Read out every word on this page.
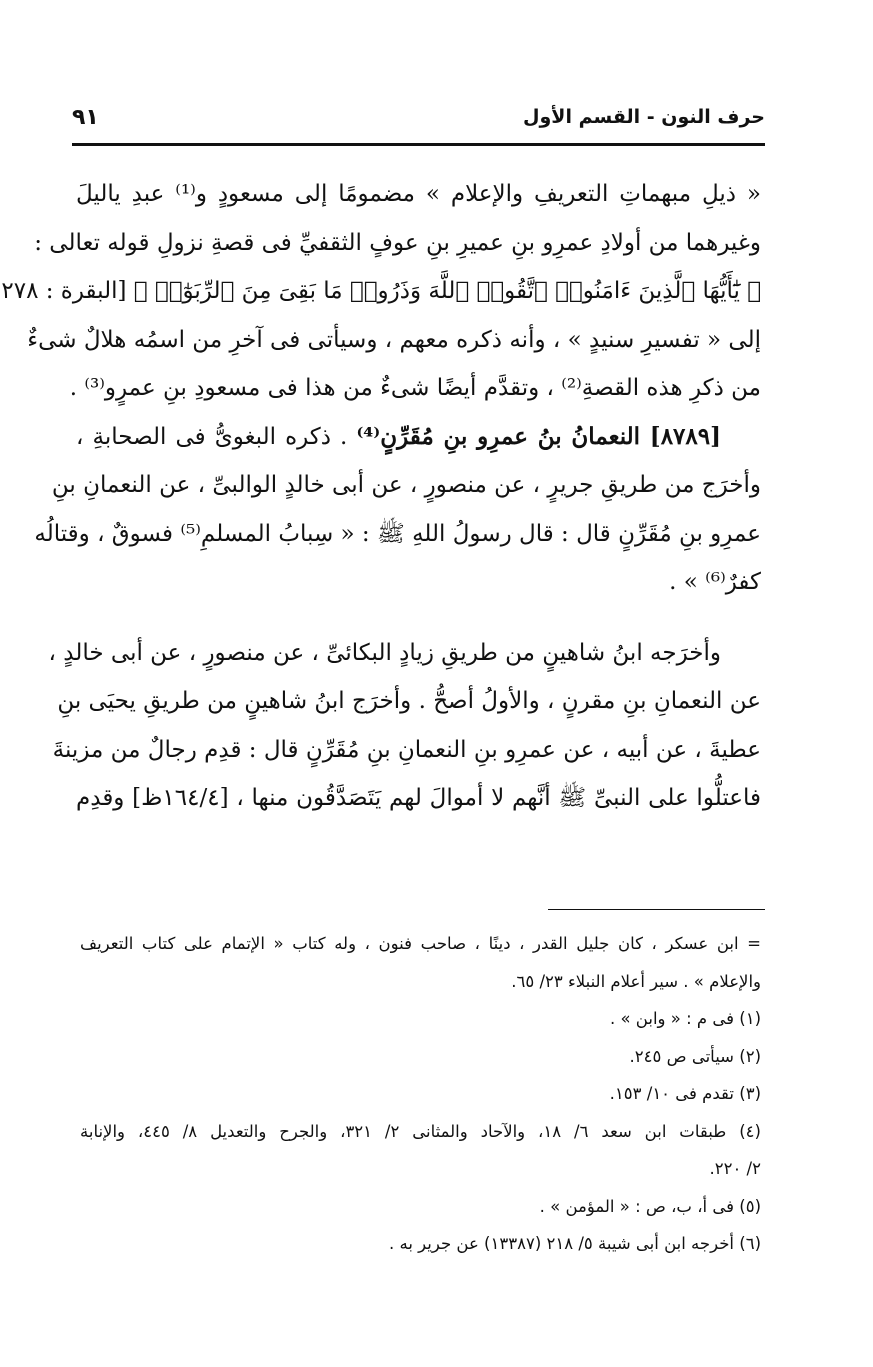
حرف النون - القسم الأول
٩١
« ذيلِ مبهماتِ التعريفِ والإعلام » مضمومًا إلى مسعودٍ و⁽¹⁾ عبدِ ياليلَ
وغيرهما من أولادِ عمرِو بنِ عميرِ بنِ عوفٍ الثقفيِّ فى قصةِ نزولِ قوله تعالى :
﴿ يَٰٓأَيُّهَا ٱلَّذِينَ ءَامَنُوا۟ ٱتَّقُوا۟ ٱللَّهَ وَذَرُوا۟ مَا بَقِىَ مِنَ ٱلرِّبَوٰٓا۟ ﴾ [البقرة : ٢٧٨
إلى « تفسيرِ سنيدٍ » ، وأنه ذكره معهم ، وسيأتى فى آخرِ من اسمُه هلالٌ شىءٌ
من ذكرِ هذه القصةِ⁽²⁾ ، وتقدَّم أيضًا شىءٌ من هذا فى مسعودِ بنِ عمرٍو⁽³⁾ .
[٨٧٨٩] النعمانُ بنُ عمرِو بنِ مُقَرِّنٍ⁽⁴⁾ . ذكره البغوىُّ فى الصحابةِ ،
وأخرَج من طريقِ جريرٍ ، عن منصورٍ ، عن أبى خالدٍ الوالبىِّ ، عن النعمانِ بنِ
عمرِو بنِ مُقَرِّنٍ قال : قال رسولُ اللهِ ﷺ : « سِبابُ المسلمِ⁽⁵⁾ فسوقٌ ، وقتالُه
كفرٌ⁽⁶⁾ » .
وأخرَجه ابنُ شاهينٍ من طريقِ زيادٍ البكائىِّ ، عن منصورٍ ، عن أبى خالدٍ ،
عن النعمانِ بنِ مقرنٍ ، والأولُ أصحُّ . وأخرَج ابنُ شاهينٍ من طريقِ يحيَى بنِ
عطيةَ ، عن أبيه ، عن عمرِو بنِ النعمانِ بنِ مُقَرِّنٍ قال : قدِم رجالٌ من مزينةَ
فاعتلُّوا على النبىِّ ﷺ أنَّهم لا أموالَ لهم يَتَصَدَّقُون منها ، [١٦٤/٤ظ] وقدِم
= ابن عسكر ، كان جليل القدر ، دينًا ، صاحب فنون ، وله كتاب « الإتمام على كتاب التعريف
والإعلام » . سير أعلام النبلاء ٢٣/ ٦٥.
(١) فى م : « وابن » .
(٢) سيأتى ص ٢٤٥.
(٣) تقدم فى ١٠/ ١٥٣.
(٤) طبقات ابن سعد ٦/ ١٨، والآحاد والمثانى ٢/ ٣٢١، والجرح والتعديل ٨/ ٤٤٥، والإنابة
٢/ ٢٢٠.
(٥) فى أ، ب، ص : « المؤمن » .
(٦) أخرجه ابن أبى شيبة ٥/ ٢١٨ (١٣٣٨٧) عن جرير به .
